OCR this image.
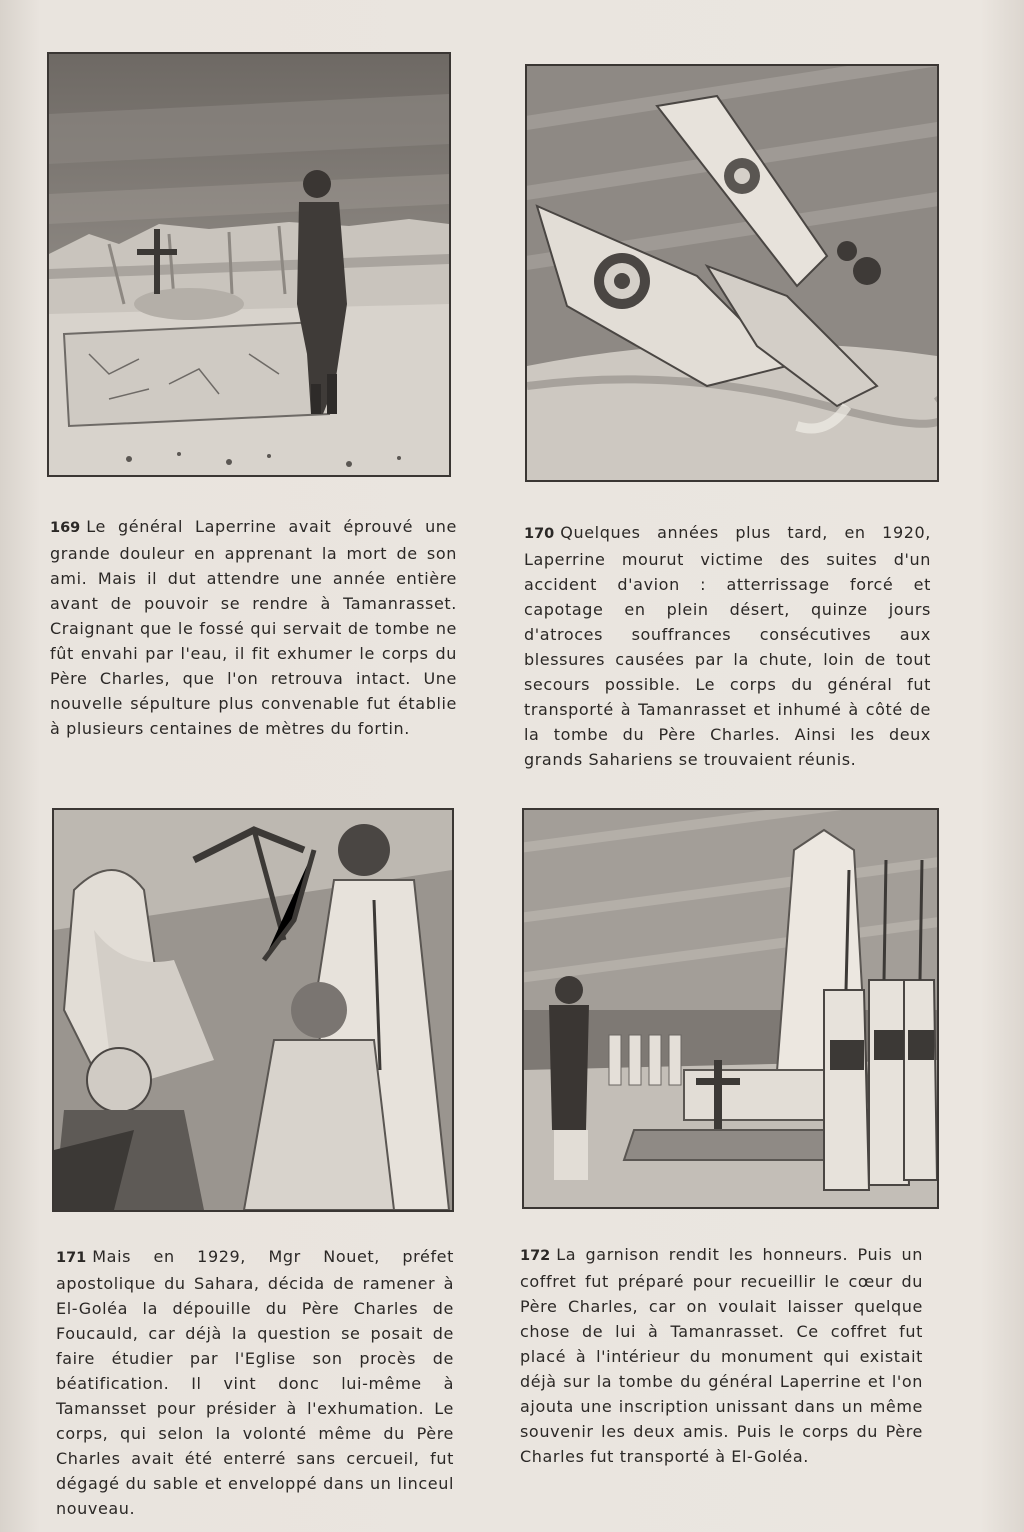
169 Le général Laperrine avait éprouvé une grande douleur en apprenant la mort de son ami. Mais il dut attendre une année entière avant de pouvoir se rendre à Tamanrasset. Craignant que le fossé qui servait de tombe ne fût envahi par l'eau, il fit exhumer le corps du Père Charles, que l'on retrouva intact. Une nouvelle sépulture plus convenable fut établie à plusieurs centaines de mètres du fortin.
170 Quelques années plus tard, en 1920, Laperrine mourut victime des suites d'un accident d'avion : atterrissage forcé et capotage en plein désert, quinze jours d'atroces souffrances consécutives aux blessures causées par la chute, loin de tout secours possible. Le corps du général fut transporté à Tamanrasset et inhumé à côté de la tombe du Père Charles. Ainsi les deux grands Sahariens se trouvaient réunis.
171 Mais en 1929, Mgr Nouet, préfet apostolique du Sahara, décida de ramener à El-Goléa la dépouille du Père Charles de Foucauld, car déjà la question se posait de faire étudier par l'Eglise son procès de béatification. Il vint donc lui-même à Tamansset pour présider à l'exhumation. Le corps, qui selon la volonté même du Père Charles avait été enterré sans cercueil, fut dégagé du sable et enveloppé dans un linceul nouveau.
172 La garnison rendit les honneurs. Puis un coffret fut préparé pour recueillir le cœur du Père Charles, car on voulait laisser quelque chose de lui à Tamanrasset. Ce coffret fut placé à l'intérieur du monument qui existait déjà sur la tombe du général Laperrine et l'on ajouta une inscription unissant dans un même souvenir les deux amis. Puis le corps du Père Charles fut transporté à El-Goléa.
